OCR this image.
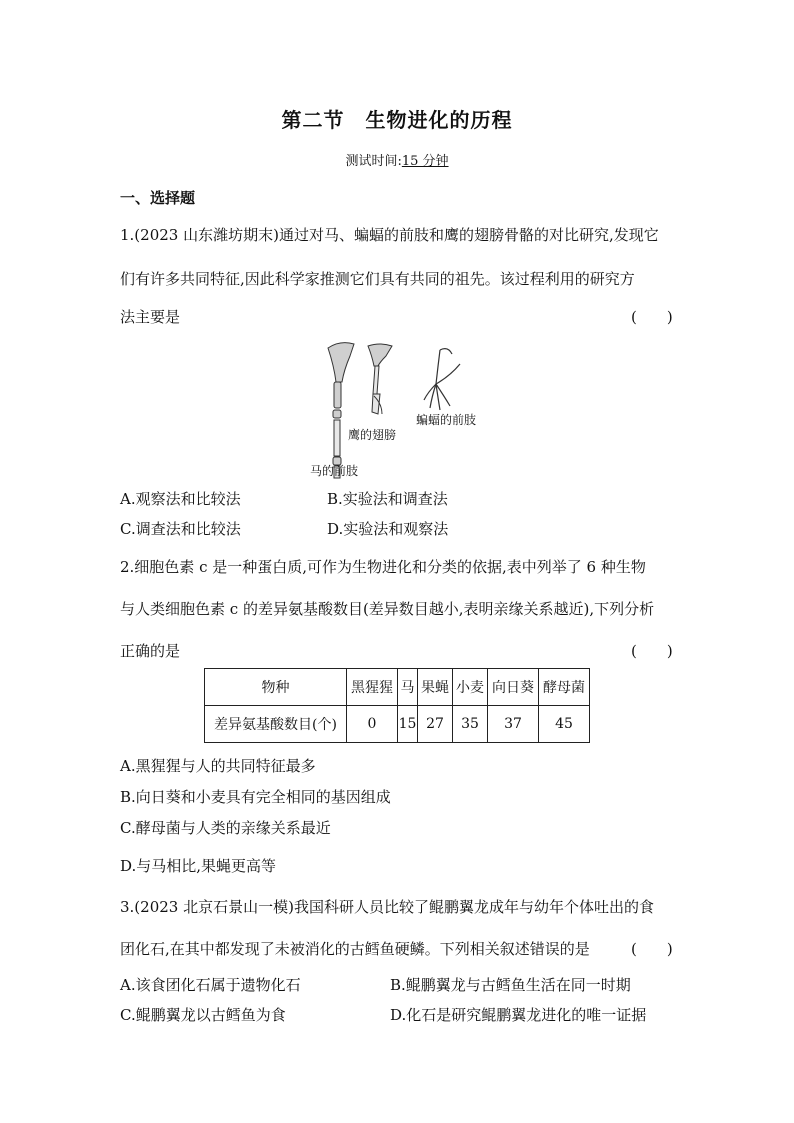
第二节　生物进化的历程
测试时间:15 分钟
一、选择题
1.(2023 山东潍坊期末)通过对马、蝙蝠的前肢和鹰的翅膀骨骼的对比研究,发现它
们有许多共同特征,因此科学家推测它们具有共同的祖先。该过程利用的研究方
法主要是	(　　)
鹰的翅膀
蝙蝠的前肢
马的前肢
A.观察法和比较法	B.实验法和调查法
C.调查法和比较法	D.实验法和观察法
2.细胞色素 c 是一种蛋白质,可作为生物进化和分类的依据,表中列举了 6 种生物
与人类细胞色素 c 的差异氨基酸数目(差异数目越小,表明亲缘关系越近),下列分析
正确的是	(　　)
物种	黑猩猩	马	果蝇	小麦	向日葵	酵母菌
差异氨基酸数目(个)	0	15	27	35	37	45
A.黑猩猩与人的共同特征最多
B.向日葵和小麦具有完全相同的基因组成
C.酵母菌与人类的亲缘关系最近
D.与马相比,果蝇更高等
3.(2023 北京石景山一模)我国科研人员比较了鲲鹏翼龙成年与幼年个体吐出的食
团化石,在其中都发现了未被消化的古鳕鱼硬鳞。下列相关叙述错误的是	(　　)
A.该食团化石属于遗物化石	B.鲲鹏翼龙与古鳕鱼生活在同一时期
C.鲲鹏翼龙以古鳕鱼为食	D.化石是研究鲲鹏翼龙进化的唯一证据
